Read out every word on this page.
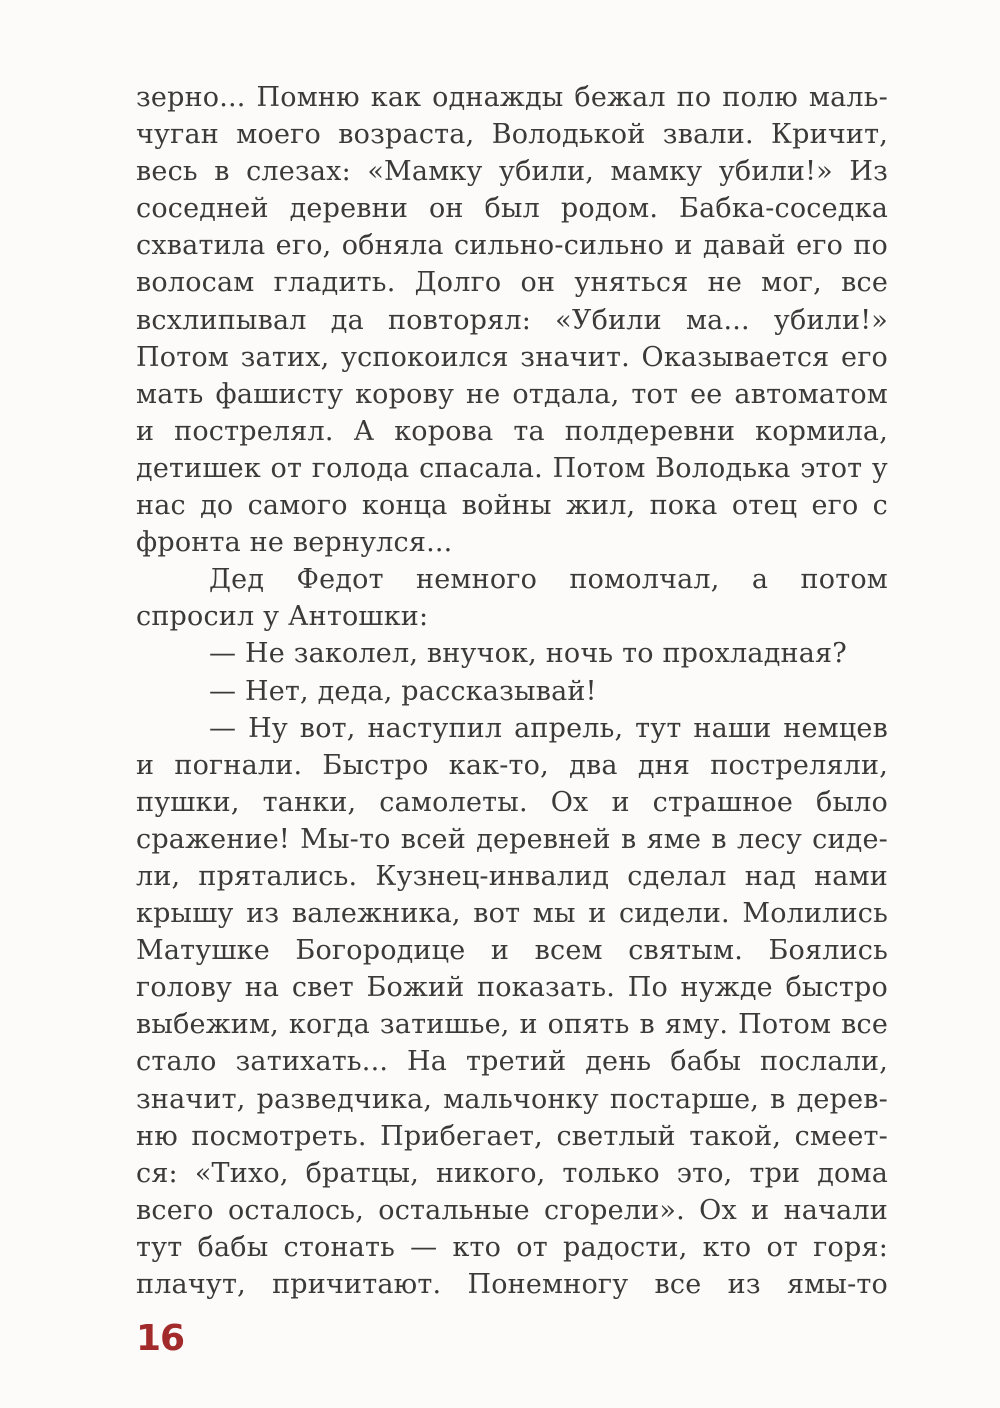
зерно... Помню как однажды бежал по полю маль-
чуган моего возраста, Володькой звали. Кричит,
весь в слезах: «Мамку убили, мамку убили!» Из
соседней деревни он был родом. Бабка-соседка
схватила его, обняла сильно-сильно и давай его по
волосам гладить. Долго он уняться не мог, все
всхлипывал да повторял: «Убили ма... убили!»
Потом затих, успокоился значит. Оказывается его
мать фашисту корову не отдала, тот ее автоматом
и пострелял. А корова та полдеревни кормила,
детишек от голода спасала. Потом Володька этот у
нас до самого конца войны жил, пока отец его с
фронта не вернулся...
Дед Федот немного помолчал, а потом
спросил у Антошки:
— Не заколел, внучок, ночь то прохладная?
— Нет, деда, рассказывай!
— Ну вот, наступил апрель, тут наши немцев
и погнали. Быстро как-то, два дня постреляли,
пушки, танки, самолеты. Ох и страшное было
сражение! Мы-то всей деревней в яме в лесу сиде-
ли, прятались. Кузнец-инвалид сделал над нами
крышу из валежника, вот мы и сидели. Молились
Матушке Богородице и всем святым. Боялись
голову на свет Божий показать. По нужде быстро
выбежим, когда затишье, и опять в яму. Потом все
стало затихать... На третий день бабы послали,
значит, разведчика, мальчонку постарше, в дерев-
ню посмотреть. Прибегает, светлый такой, смеет-
ся: «Тихо, братцы, никого, только это, три дома
всего осталось, остальные сгорели». Ох и начали
тут бабы стонать — кто от радости, кто от горя:
плачут, причитают. Понемногу все из ямы-то
16
